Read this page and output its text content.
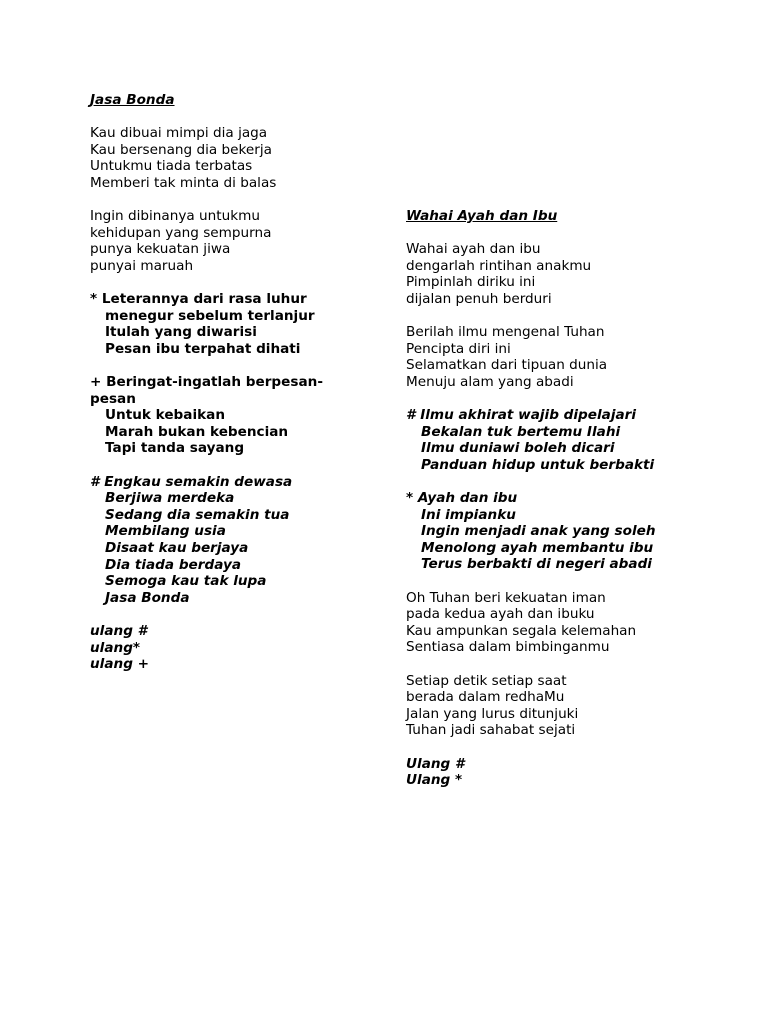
Jasa Bonda

Kau dibuai mimpi dia jaga

Kau bersenang dia bekerja

Untukmu tiada terbatas

Memberi tak minta di balas

Ingin dibinanya untukmu

kehidupan yang sempurna

punya kekuatan jiwa

punyai maruah

* Leterannya dari rasa luhur

menegur sebelum terlanjur

Itulah yang diwarisi

Pesan ibu terpahat dihati

+ Beringat-ingatlah berpesan-

pesan

Untuk kebaikan

Marah bukan kebencian

Tapi tanda sayang

# Engkau semakin dewasa

Berjiwa merdeka

Sedang dia semakin tua

Membilang usia

Disaat kau berjaya

Dia tiada berdaya

Semoga kau tak lupa

Jasa Bonda

ulang #

ulang*

ulang +

Wahai Ayah dan Ibu

Wahai ayah dan ibu

dengarlah rintihan anakmu

Pimpinlah diriku ini

dijalan penuh berduri

Berilah ilmu mengenal Tuhan

Pencipta diri ini

Selamatkan dari tipuan dunia

Menuju alam yang abadi

# Ilmu akhirat wajib dipelajari

Bekalan tuk bertemu Ilahi

Ilmu duniawi boleh dicari

Panduan hidup untuk berbakti

* Ayah dan ibu

Ini impianku

Ingin menjadi anak yang soleh

Menolong ayah membantu ibu

Terus berbakti di negeri abadi

Oh Tuhan beri kekuatan iman

pada kedua ayah dan ibuku

Kau ampunkan segala kelemahan

Sentiasa dalam bimbinganmu

Setiap detik setiap saat

berada dalam redhaMu

Jalan yang lurus ditunjuki

Tuhan jadi sahabat sejati

Ulang #

Ulang *
